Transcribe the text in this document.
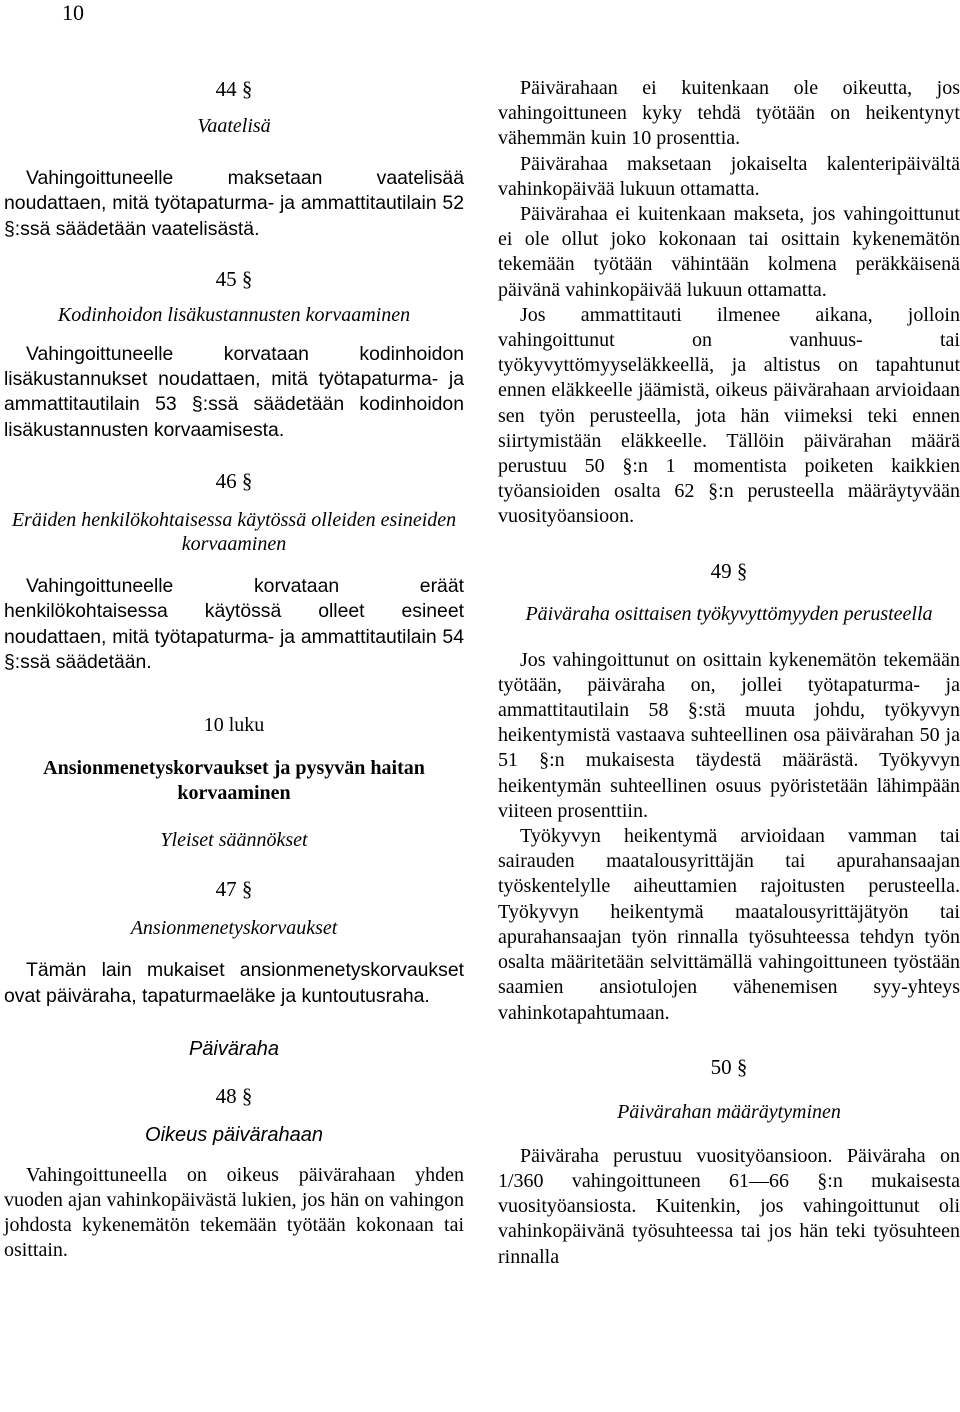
10

44 §

Vaatelisä

Vahingoittuneelle maksetaan vaatelisää noudattaen, mitä työtapaturma- ja ammattitautilain 52 §:ssä säädetään vaatelisästä.

45 §

Kodinhoidon lisäkustannusten korvaaminen

Vahingoittuneelle korvataan kodinhoidon lisäkustannukset noudattaen, mitä työtapaturma- ja ammattitautilain 53 §:ssä säädetään kodinhoidon lisäkustannusten korvaamisesta.

46 §

Eräiden henkilökohtaisessa käytössä olleiden esineiden korvaaminen

Vahingoittuneelle korvataan eräät henkilökohtaisessa käytössä olleet esineet noudattaen, mitä työtapaturma- ja ammattitautilain 54 §:ssä säädetään.

10 luku

Ansionmenetyskorvaukset ja pysyvän haitan korvaaminen

Yleiset säännökset

47 §

Ansionmenetyskorvaukset

Tämän lain mukaiset ansionmenetyskorvaukset ovat päiväraha, tapaturmaeläke ja kuntoutusraha.

Päiväraha

48 §

Oikeus päivärahaan

Vahingoittuneella on oikeus päivärahaan yhden vuoden ajan vahinkopäivästä lukien, jos hän on vahingon johdosta kykenemätön tekemään työtään kokonaan tai osittain.

Päivärahaan ei kuitenkaan ole oikeutta, jos vahingoittuneen kyky tehdä työtään on heikentynyt vähemmän kuin 10 prosenttia.

Päivärahaa maksetaan jokaiselta kalenteripäivältä vahinkopäivää lukuun ottamatta.

Päivärahaa ei kuitenkaan makseta, jos vahingoittunut ei ole ollut joko kokonaan tai osittain kykenemätön tekemään työtään vähintään kolmena peräkkäisenä päivänä vahinkopäivää lukuun ottamatta.

Jos ammattitauti ilmenee aikana, jolloin vahingoittunut on vanhuus- tai työkyvyttömyyseläkkeellä, ja altistus on tapahtunut ennen eläkkeelle jäämistä, oikeus päivärahaan arvioidaan sen työn perusteella, jota hän viimeksi teki ennen siirtymistään eläkkeelle. Tällöin päivärahan määrä perustuu 50 §:n 1 momentista poiketen kaikkien työansioiden osalta 62 §:n perusteella määräytyvään vuosityöansioon.

49 §

Päiväraha osittaisen työkyvyttömyyden perusteella

Jos vahingoittunut on osittain kykenemätön tekemään työtään, päiväraha on, jollei työtapaturma- ja ammattitautilain 58 §:stä muuta johdu, työkyvyn heikentymistä vastaava suhteellinen osa päivärahan 50 ja 51 §:n mukaisesta täydestä määrästä. Työkyvyn heikentymän suhteellinen osuus pyöristetään lähimpään viiteen prosenttiin.

Työkyvyn heikentymä arvioidaan vamman tai sairauden maatalousyrittäjän tai apurahansaajan työskentelylle aiheuttamien rajoitusten perusteella. Työkyvyn heikentymä maatalousyrittäjätyön tai apurahansaajan työn rinnalla työsuhteessa tehdyn työn osalta määritetään selvittämällä vahingoittuneen työstään saamien ansiotulojen vähenemisen syy-yhteys vahinkotapahtumaan.

50 §

Päivärahan määräytyminen

Päiväraha perustuu vuosityöansioon. Päiväraha on 1/360 vahingoittuneen 61—66 §:n mukaisesta vuosityöansiosta. Kuitenkin, jos vahingoittunut oli vahinkopäivänä työsuhteessa tai jos hän teki työsuhteen rinnalla
